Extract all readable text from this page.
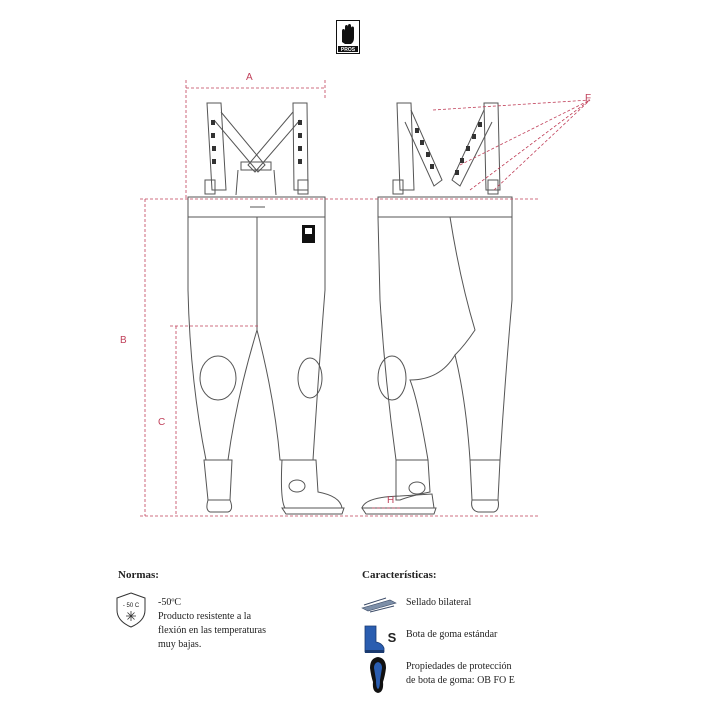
PROS
A
B
C
F
H
Normas:
- 50 C -50ºC
Producto resistente a la
flexión en las temperaturas
muy bajas.
Características:
Sellado bilateral
S Bota de goma estándar
Propiedades de protección
de bota de goma: OB FO E
